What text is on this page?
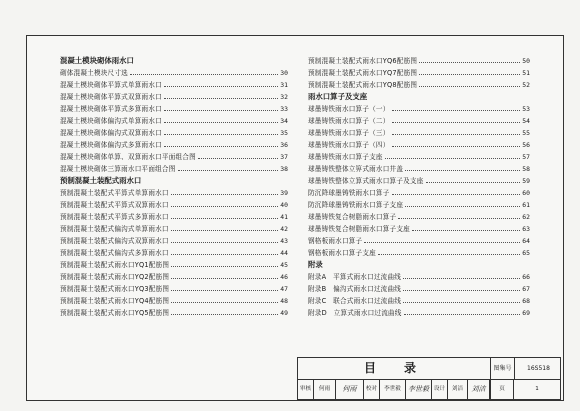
混凝土模块砌体雨水口
砌体混凝土模块尺寸选	30
混凝土模块砌体平算式单算雨水口	31
混凝土模块砌体平算式双算雨水口	32
混凝土模块砌体平算式多算雨水口	33
混凝土模块砌体偏沟式单算雨水口	34
混凝土模块砌体偏沟式双算雨水口	35
混凝土模块砌体偏沟式多算雨水口	36
混凝土模块砌体单算、双算雨水口平面组合图	37
混凝土模块砌体三算雨水口平面组合图	38
预制混凝土装配式雨水口
预制混凝土装配式平算式单算雨水口	39
预制混凝土装配式平算式双算雨水口	40
预制混凝土装配式平算式多算雨水口	41
预制混凝土装配式偏沟式单算雨水口	42
预制混凝土装配式偏沟式双算雨水口	43
预制混凝土装配式偏沟式多算雨水口	44
预制混凝土装配式雨水口YQ1配筋图	45
预制混凝土装配式雨水口YQ2配筋图	46
预制混凝土装配式雨水口YQ3配筋图	47
预制混凝土装配式雨水口YQ4配筋图	48
预制混凝土装配式雨水口YQ5配筋图	49
预制混凝土装配式雨水口YQ6配筋图	50
预制混凝土装配式雨水口YQ7配筋图	51
预制混凝土装配式雨水口YQ8配筋图	52
雨水口算子及支座
球墨铸铁雨水口算子（一）	53
球墨铸铁雨水口算子（二）	54
球墨铸铁雨水口算子（三）	55
球墨铸铁雨水口算子（四）	56
球墨铸铁雨水口算子支座	57
球墨铸铁整体立箅式雨水口井盖	58
球墨铸铁整体立算式雨水口算子及支座	59
防沉降球墨铸铁雨水口算子	60
防沉降球墨铸铁雨水口算子支座	61
球墨铸铁复合树脂雨水口算子	62
球墨铸铁复合树脂雨水口算子支座	63
钢格板雨水口算子	64
钢格板雨水口算子支座	65
附录
附录A　平算式雨水口过流曲线	66
附录B　偏沟式雨水口过流曲线	67
附录C　联合式雨水口过流曲线	68
附录D　立算式雨水口过流曲线	69
目　录	图集号	16S518
审核	何雨	何雨	校对	李世毅	李世毅 设计	刘洁	刘洁	页	1
